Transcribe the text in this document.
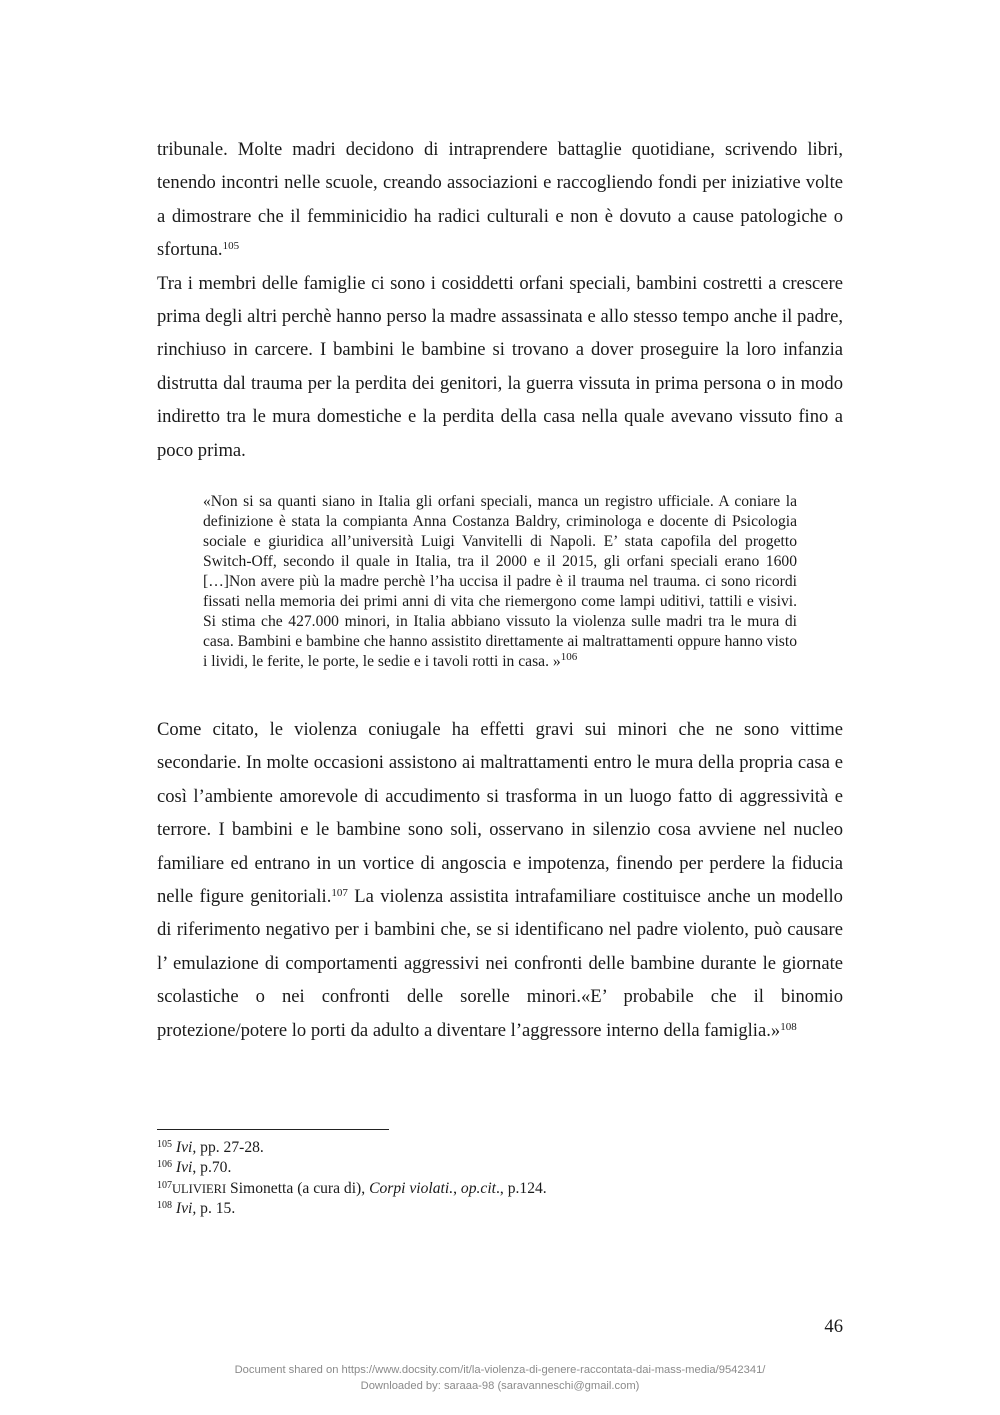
tribunale. Molte madri decidono di intraprendere battaglie quotidiane, scrivendo libri, tenendo incontri nelle scuole, creando associazioni e raccogliendo fondi per iniziative volte a dimostrare che il femminicidio ha radici culturali e non è dovuto a cause patologiche o sfortuna.$^{105}$

Tra i membri delle famiglie ci sono i cosiddetti orfani speciali, bambini costretti a crescere prima degli altri perchè hanno perso la madre assassinata e allo stesso tempo anche il padre, rinchiuso in carcere. I bambini le bambine si trovano a dover proseguire la loro infanzia distrutta dal trauma per la perdita dei genitori, la guerra vissuta in prima persona o in modo indiretto tra le mura domestiche e la perdita della casa nella quale avevano vissuto fino a poco prima.

«Non si sa quanti siano in Italia gli orfani speciali, manca un registro ufficiale. A coniare la definizione è stata la compianta Anna Costanza Baldry, criminologa e docente di Psicologia sociale e giuridica all’università Luigi Vanvitelli di Napoli. E’ stata capofila del progetto Switch-Off, secondo il quale in Italia, tra il 2000 e il 2015, gli orfani speciali erano 1600 […]Non avere più la madre perchè l’ha uccisa il padre è il trauma nel trauma. ci sono ricordi fissati nella memoria dei primi anni di vita che riemergono come lampi uditivi, tattili e visivi. Si stima che 427.000 minori, in Italia abbiano vissuto la violenza sulle madri tra le mura di casa. Bambini e bambine che hanno assistito direttamente ai maltrattamenti oppure hanno visto i lividi, le ferite, le porte, le sedie e i tavoli rotti in casa. »$^{106}$

Come citato, le violenza coniugale ha effetti gravi sui minori che ne sono vittime secondarie. In molte occasioni assistono ai maltrattamenti entro le mura della propria casa e così l’ambiente amorevole di accudimento si trasforma in un luogo fatto di aggressività e terrore. I bambini e le bambine sono soli, osservano in silenzio cosa avviene nel nucleo familiare ed entrano in un vortice di angoscia e impotenza, finendo per perdere la fiducia nelle figure genitoriali.$^{107}$ La violenza assistita intrafamiliare costituisce anche un modello di riferimento negativo per i bambini che, se si identificano nel padre violento, può causare l’ emulazione di comportamenti aggressivi nei confronti delle bambine durante le giornate scolastiche o nei confronti delle sorelle minori.«E’ probabile che il binomio protezione/potere lo porti da adulto a diventare l’aggressore interno della famiglia.»$^{108}$

$^{105}$ Ivi, pp. 27-28.
$^{106}$ Ivi, p.70.
$^{107}$ULIVIERI Simonetta (a cura di), Corpi violati., op.cit., p.124.
$^{108}$ Ivi, p. 15.
46
Document shared on https://www.docsity.com/it/la-violenza-di-genere-raccontata-dai-mass-media/9542341/
Downloaded by: saraaa-98 (saravanneschi@gmail.com)
